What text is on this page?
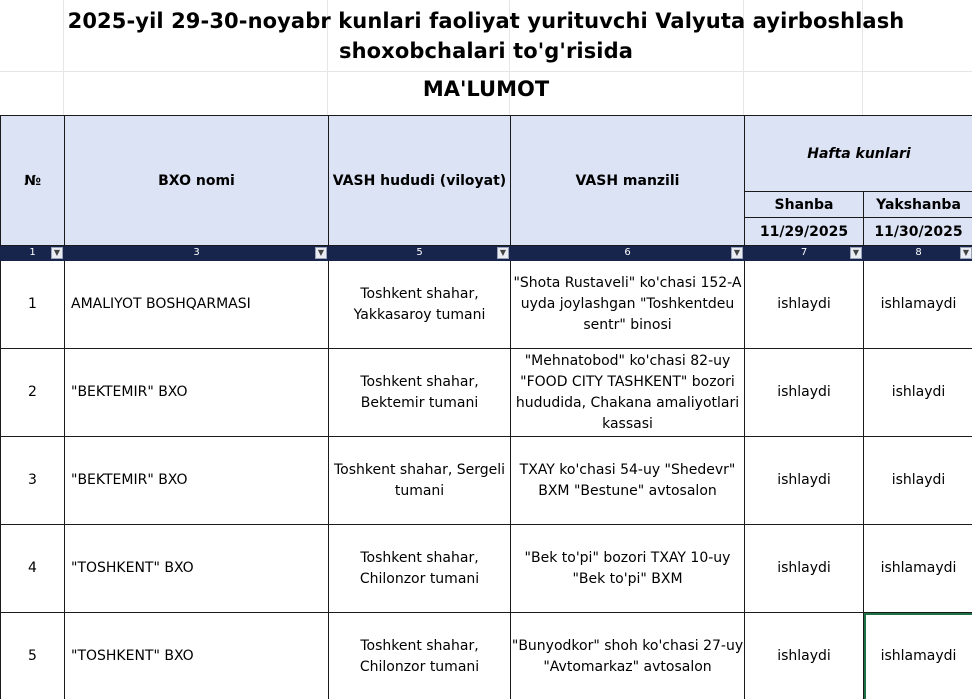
2025-yil 29-30-noyabr kunlari faoliyat yurituvchi Valyuta ayirboshlash
shoxobchalari to'g'risida
MA'LUMOT
№	BXO nomi	VASH hududi (viloyat)	VASH manzili	Hafta kunlari	
				Shanba	Yakshanba
				11/29/2025	11/30/2025
1 ▼	3 ▼	5 ▼	6 ▼	7 ▼	8 ▼

1	AMALIYOT BOSHQARMASI	Toshkent shahar, Yakkasaroy tumani	"Shota Rustaveli" ko'chasi 152-A uyda joylashgan "Toshkentdeu sentr" binosi	ishlaydi	ishlamaydi
2	"BEKTEMIR" BXO	Toshkent shahar, Bektemir tumani	"Mehnatobod" ko'chasi 82-uy "FOOD CITY TASHKENT" bozori hududida, Chakana amaliyotlari kassasi	ishlaydi	ishlaydi
3	"BEKTEMIR" BXO	Toshkent shahar, Sergeli tumani	TXAY ko'chasi 54-uy "Shedevr" BXM "Bestune" avtosalon	ishlaydi	ishlaydi
4	"TOSHKENT" BXO	Toshkent shahar, Chilonzor tumani	"Bek to'pi" bozori TXAY 10-uy "Bek to'pi" BXM	ishlaydi	ishlamaydi
5	"TOSHKENT" BXO	Toshkent shahar, Chilonzor tumani	"Bunyodkor" shoh ko'chasi 27-uy "Avtomarkaz" avtosalon	ishlaydi	ishlamaydi
